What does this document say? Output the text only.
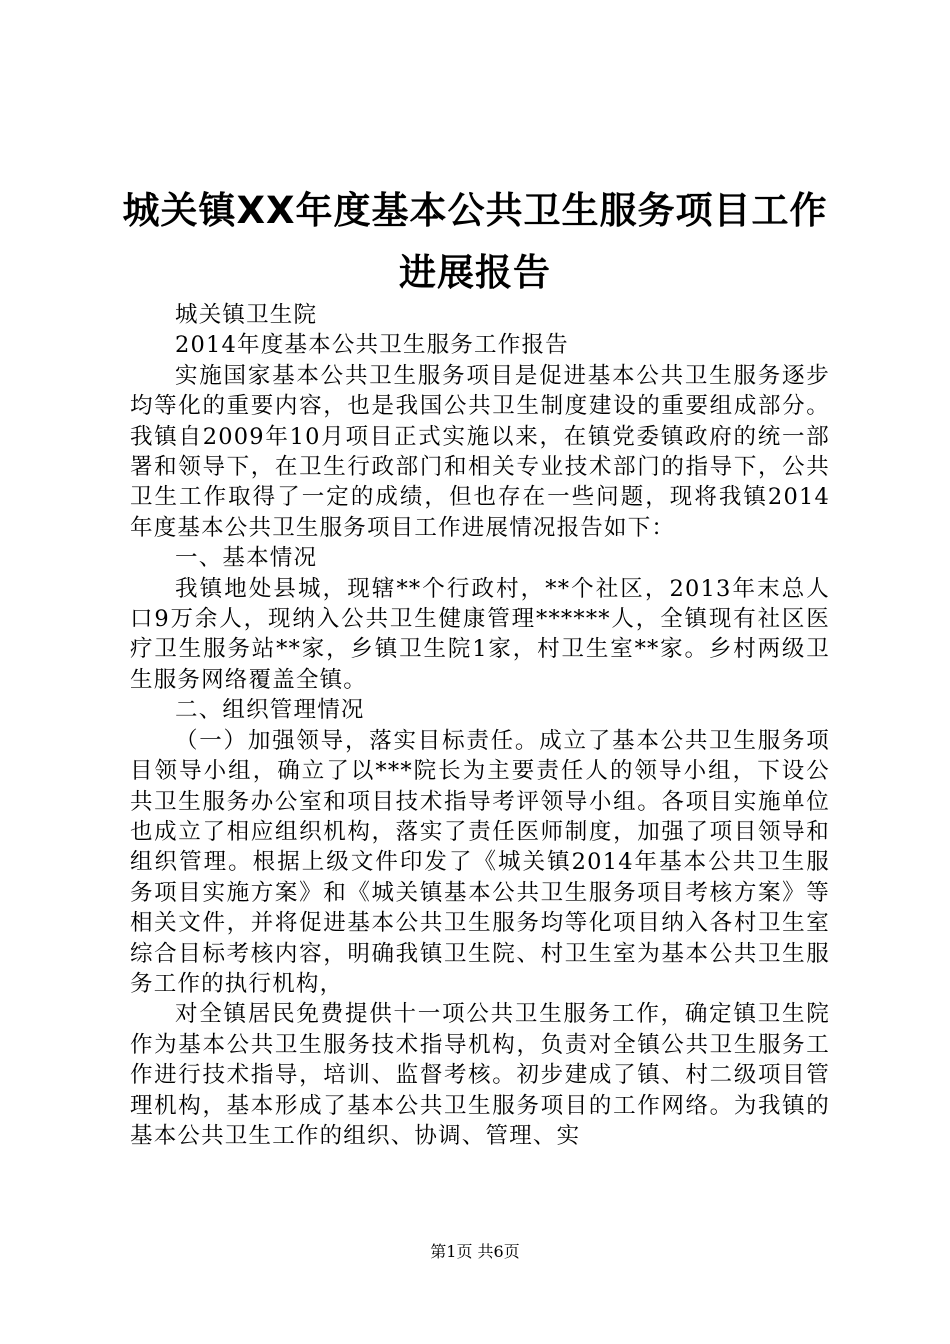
城关镇XX年度基本公共卫生服务项目工作进展报告

城关镇卫生院

2014年度基本公共卫生服务工作报告

实施国家基本公共卫生服务项目是促进基本公共卫生服务逐步均等化的重要内容，也是我国公共卫生制度建设的重要组成部分。我镇自2009年10月项目正式实施以来，在镇党委镇政府的统一部署和领导下，在卫生行政部门和相关专业技术部门的指导下，公共卫生工作取得了一定的成绩，但也存在一些问题，现将我镇2014年度基本公共卫生服务项目工作进展情况报告如下：

一、基本情况

我镇地处县城，现辖**个行政村，**个社区，2013年末总人口9万余人，现纳入公共卫生健康管理******人，全镇现有社区医疗卫生服务站**家，乡镇卫生院1家，村卫生室**家。乡村两级卫生服务网络覆盖全镇。

二、组织管理情况

（一）加强领导，落实目标责任。成立了基本公共卫生服务项目领导小组，确立了以***院长为主要责任人的领导小组，下设公共卫生服务办公室和项目技术指导考评领导小组。各项目实施单位也成立了相应组织机构，落实了责任医师制度，加强了项目领导和组织管理。根据上级文件印发了《城关镇2014年基本公共卫生服务项目实施方案》和《城关镇基本公共卫生服务项目考核方案》等相关文件，并将促进基本公共卫生服务均等化项目纳入各村卫生室综合目标考核内容，明确我镇卫生院、村卫生室为基本公共卫生服务工作的执行机构，

对全镇居民免费提供十一项公共卫生服务工作，确定镇卫生院作为基本公共卫生服务技术指导机构，负责对全镇公共卫生服务工作进行技术指导，培训、监督考核。初步建成了镇、村二级项目管理机构，基本形成了基本公共卫生服务项目的工作网络。为我镇的基本公共卫生工作的组织、协调、管理、实

第1页 共6页
